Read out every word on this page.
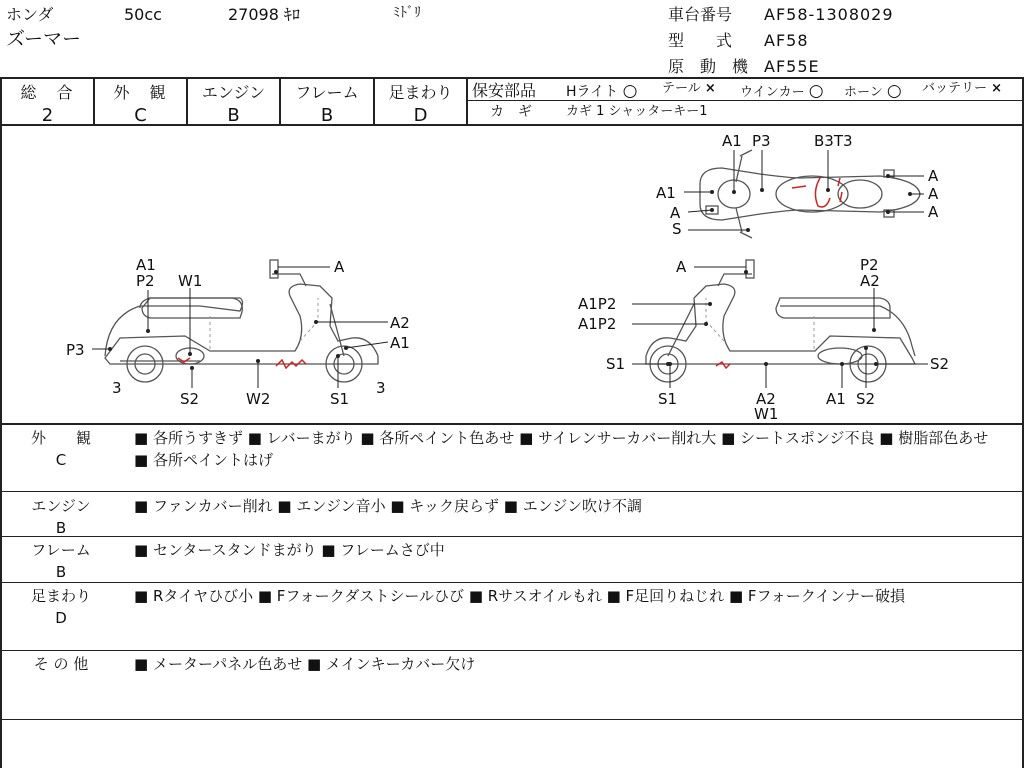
ホンダ	50cc	27098 ｷﾛ	ﾐﾄﾞﾘ
ズーマー
車台番号 AF58-1308029
型　　式 AF58
原　動　機 AF55E
総　合
2
外　観
C
エンジン
B
フレーム
B
足まわり
D
保安部品 Hライト ○ テール × ウインカー ○ ホーン ○ バッテリー ×
カ　ギ	カギ 1 シャッターキー1
A1 P3	B3T3
A
A
A
A1
A
S
A1
P2 W1
A
A2
A1
P3
3	3
S2	W2	S1
A	P2
A2
A1P2
A1P2
S1	S2
S1	A2
W1
A1 S2
外　　観
C
■ 各所うすきず ■ レバーまがり ■ 各所ペイント色あせ ■ サイレンサーカバー削れ大 ■ シートスポンジ不良 ■ 樹脂部色あせ ■ 各所ペイントはげ
エンジン
B
■ ファンカバー削れ ■ エンジン音小 ■ キック戻らず ■ エンジン吹け不調
フレーム
B
■ センタースタンドまがり ■ フレームさび中
足まわり
D
■ Rタイヤひび小 ■ Fフォークダストシールひび ■ Rサスオイルもれ ■ F足回りねじれ ■ Fフォークインナー破損
そ の 他	■ メーターパネル色あせ ■ メインキーカバー欠け
